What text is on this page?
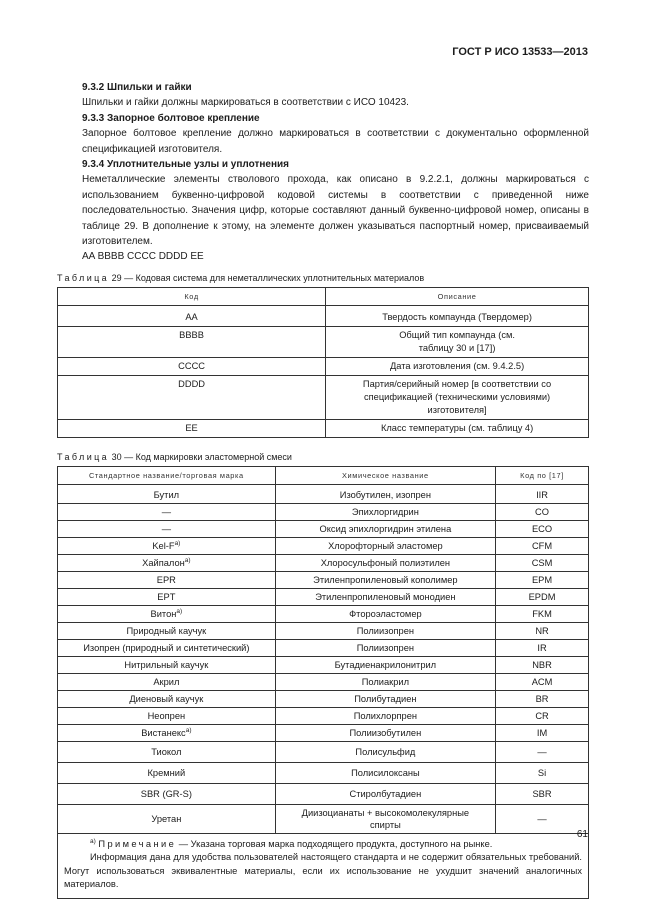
ГОСТ Р ИСО 13533—2013

9.3.2 Шпильки и гайки

Шпильки и гайки должны маркироваться в соответствии с ИСО 10423.

9.3.3 Запорное болтовое крепление

Запорное болтовое крепление должно маркироваться в соответствии с документально оформленной спецификацией изготовителя.

9.3.4 Уплотнительные узлы и уплотнения

Неметаллические элементы стволового прохода, как описано в 9.2.2.1, должны маркироваться с использованием буквенно-цифровой кодовой системы в соответствии с приведенной ниже последовательностью. Значения цифр, которые составляют данный буквенно-цифровой номер, описаны в таблице 29. В дополнение к этому, на элементе должен указываться паспортный номер, присваиваемый изготовителем.

AA BBBB CCCC DDDD EE

Таблица 29 — Кодовая система для неметаллических уплотнительных материалов

Код	Описание
AA	Твердость компаунда (Твердомер)
BBBB	Общий тип компаунда (см. таблицу 30 и [17])
CCCC	Дата изготовления (см. 9.4.2.5)
DDDD	Партия/серийный номер [в соответствии со спецификацией (техническими условиями) изготовителя]
EE	Класс температуры (см. таблицу 4)

Таблица 30 — Код маркировки эластомерной смеси

Стандартное название/торговая марка	Химическое название	Код по [17]
Бутил	Изобутилен, изопрен	IIR
—	Эпихлоргидрин	CO
—	Оксид эпихлоргидрин этилена	ECO
Kel-$F^{a)}$	Хлорофторный эластомер	CFM
Хайпалон$^{a)}$	Хлоросульфоный полиэтилен	CSM
EPR	Этиленпропиленовый кополимер	EPM
EPT	Этиленпропиленовый монодиен	EPDM
Витон$^{a)}$	Фтороэластомер	FKM
Природный каучук	Полиизопрен	NR
Изопрен (природный и синтетический)	Полиизопрен	IR
Нитрильный каучук	Бутадиенакрилонитрил	NBR
Акрил	Полиакрил	ACM
Диеновый каучук	Полибутадиен	BR
Неопрен	Полихлорпрен	CR
Вистанекс$^{a)}$	Полиизобутилен	IM
Тиокол	Полисульфид	—
Кремний	Полисилоксаны	Si
SBR (GR-S)	Стиролбутадиен	SBR
Уретан	Диизоцианаты + высокомолекулярные спирты	—

$^{a)}$ Примечание — Указана торговая марка подходящего продукта, доступного на рынке.

Информация дана для удобства пользователей настоящего стандарта и не содержит обязательных требований. Могут использоваться эквивалентные материалы, если их использование не ухудшит значений аналогичных материалов.		

61
